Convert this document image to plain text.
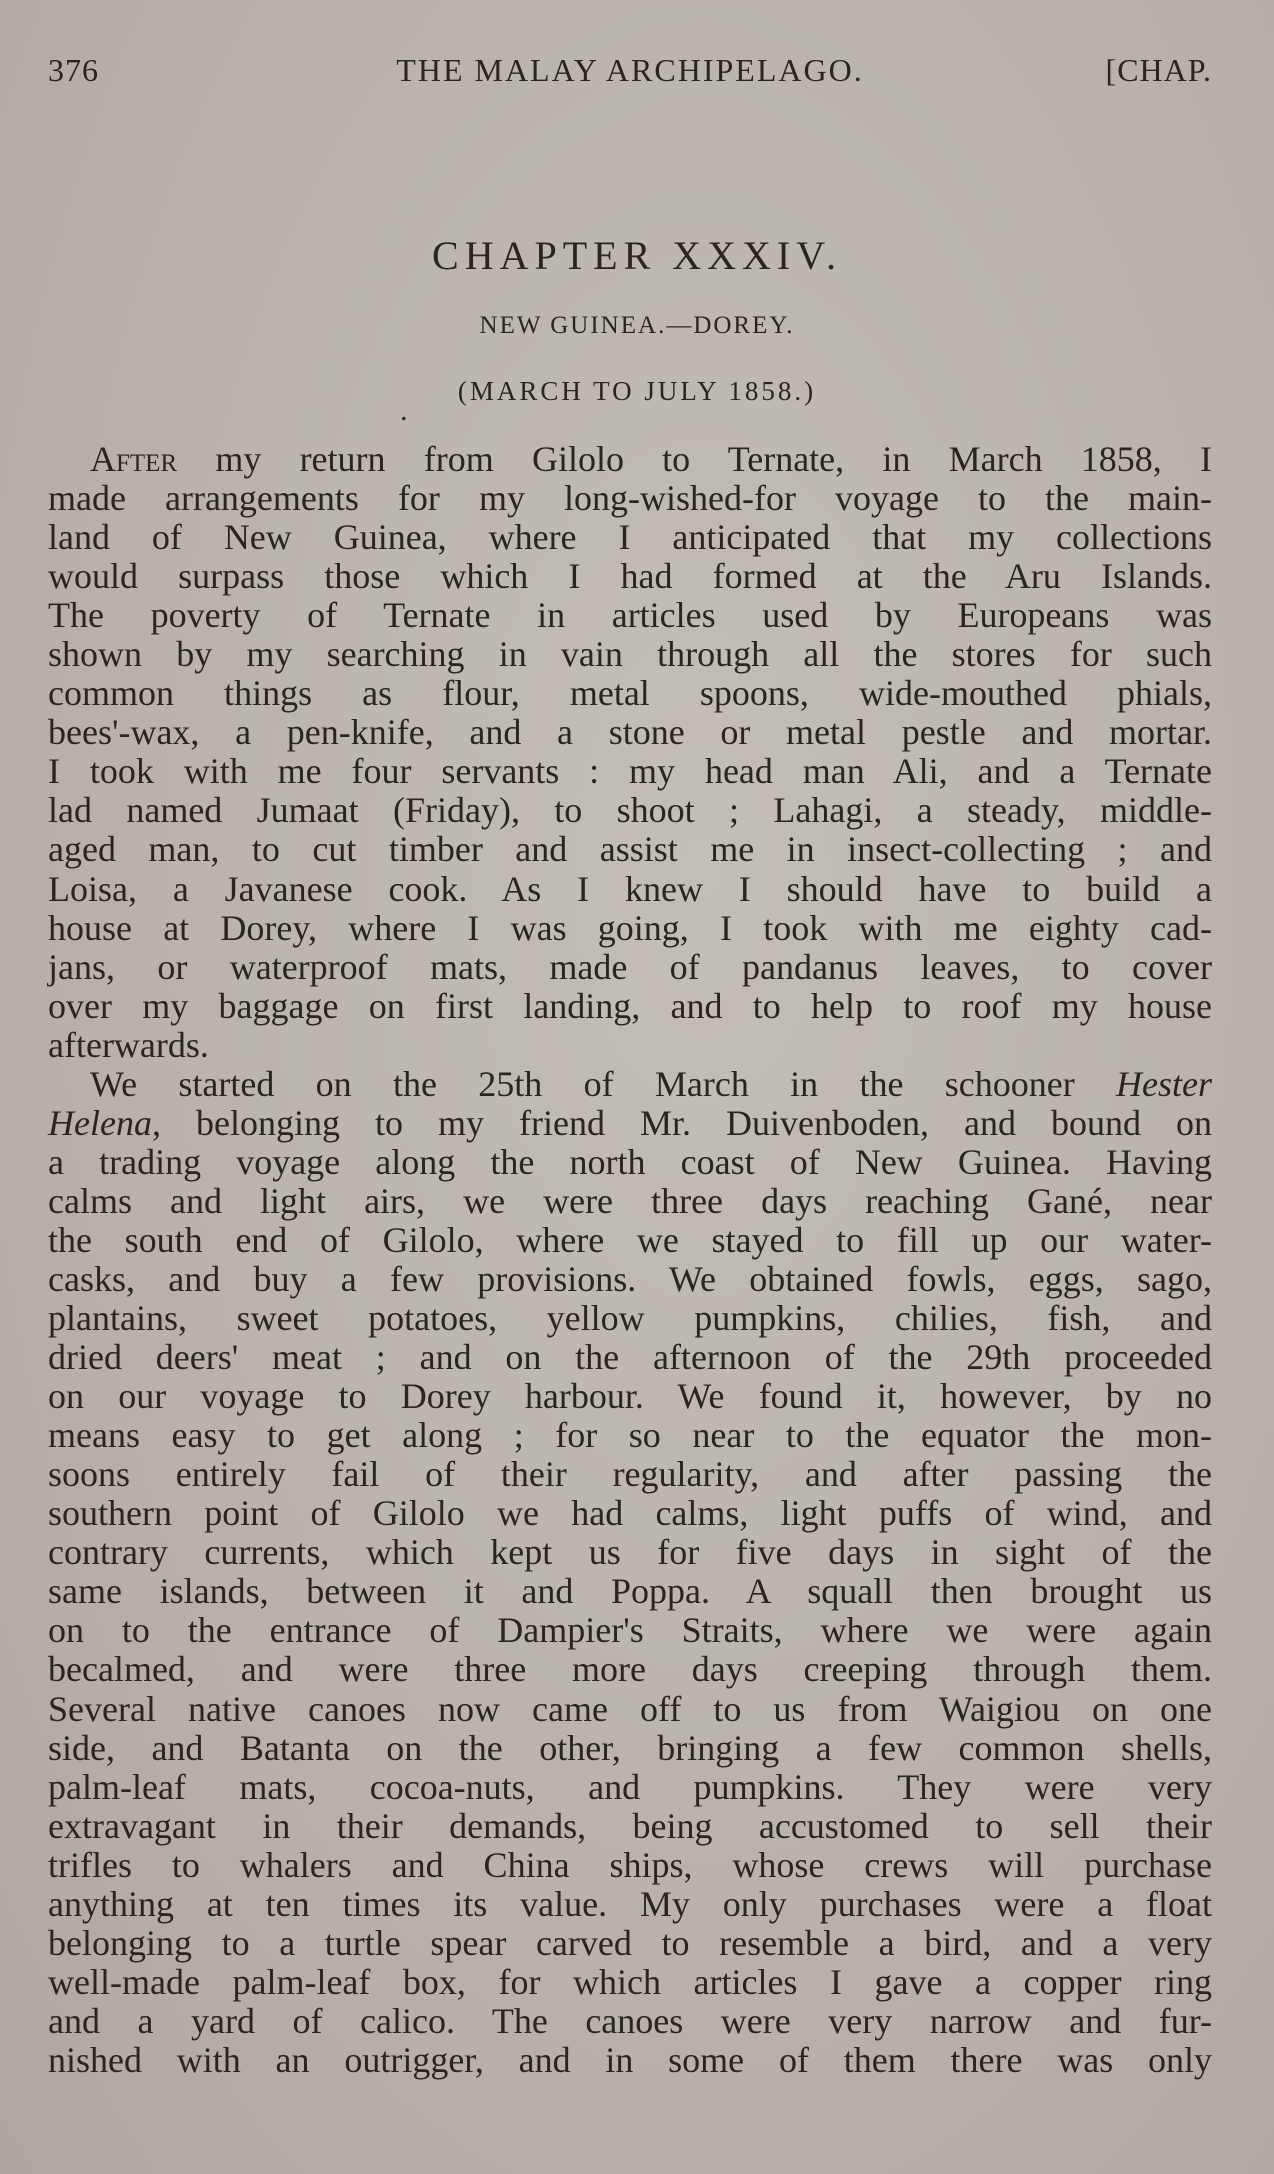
376	THE MALAY ARCHIPELAGO.	[CHAP.
CHAPTER XXXIV.
NEW GUINEA.—DOREY.
.
(MARCH TO JULY 1858.)
After my return from Gilolo to Ternate, in March 1858, I
made arrangements for my long-wished-for voyage to the main-
land of New Guinea, where I anticipated that my collections
would surpass those which I had formed at the Aru Islands.
The poverty of Ternate in articles used by Europeans was
shown by my searching in vain through all the stores for such
common things as flour, metal spoons, wide-mouthed phials,
bees'-wax, a pen-knife, and a stone or metal pestle and mortar.
I took with me four servants : my head man Ali, and a Ternate
lad named Jumaat (Friday), to shoot ; Lahagi, a steady, middle-
aged man, to cut timber and assist me in insect-collecting ; and
Loisa, a Javanese cook. As I knew I should have to build a
house at Dorey, where I was going, I took with me eighty cad-
jans, or waterproof mats, made of pandanus leaves, to cover
over my baggage on first landing, and to help to roof my house
afterwards.
We started on the 25th of March in the schooner Hester
Helena, belonging to my friend Mr. Duivenboden, and bound on
a trading voyage along the north coast of New Guinea. Having
calms and light airs, we were three days reaching Gané, near
the south end of Gilolo, where we stayed to fill up our water-
casks, and buy a few provisions. We obtained fowls, eggs, sago,
plantains, sweet potatoes, yellow pumpkins, chilies, fish, and
dried deers' meat ; and on the afternoon of the 29th proceeded
on our voyage to Dorey harbour. We found it, however, by no
means easy to get along ; for so near to the equator the mon-
soons entirely fail of their regularity, and after passing the
southern point of Gilolo we had calms, light puffs of wind, and
contrary currents, which kept us for five days in sight of the
same islands, between it and Poppa. A squall then brought us
on to the entrance of Dampier's Straits, where we were again
becalmed, and were three more days creeping through them.
Several native canoes now came off to us from Waigiou on one
side, and Batanta on the other, bringing a few common shells,
palm-leaf mats, cocoa-nuts, and pumpkins. They were very
extravagant in their demands, being accustomed to sell their
trifles to whalers and China ships, whose crews will purchase
anything at ten times its value. My only purchases were a float
belonging to a turtle spear carved to resemble a bird, and a very
well-made palm-leaf box, for which articles I gave a copper ring
and a yard of calico. The canoes were very narrow and fur-
nished with an outrigger, and in some of them there was only
